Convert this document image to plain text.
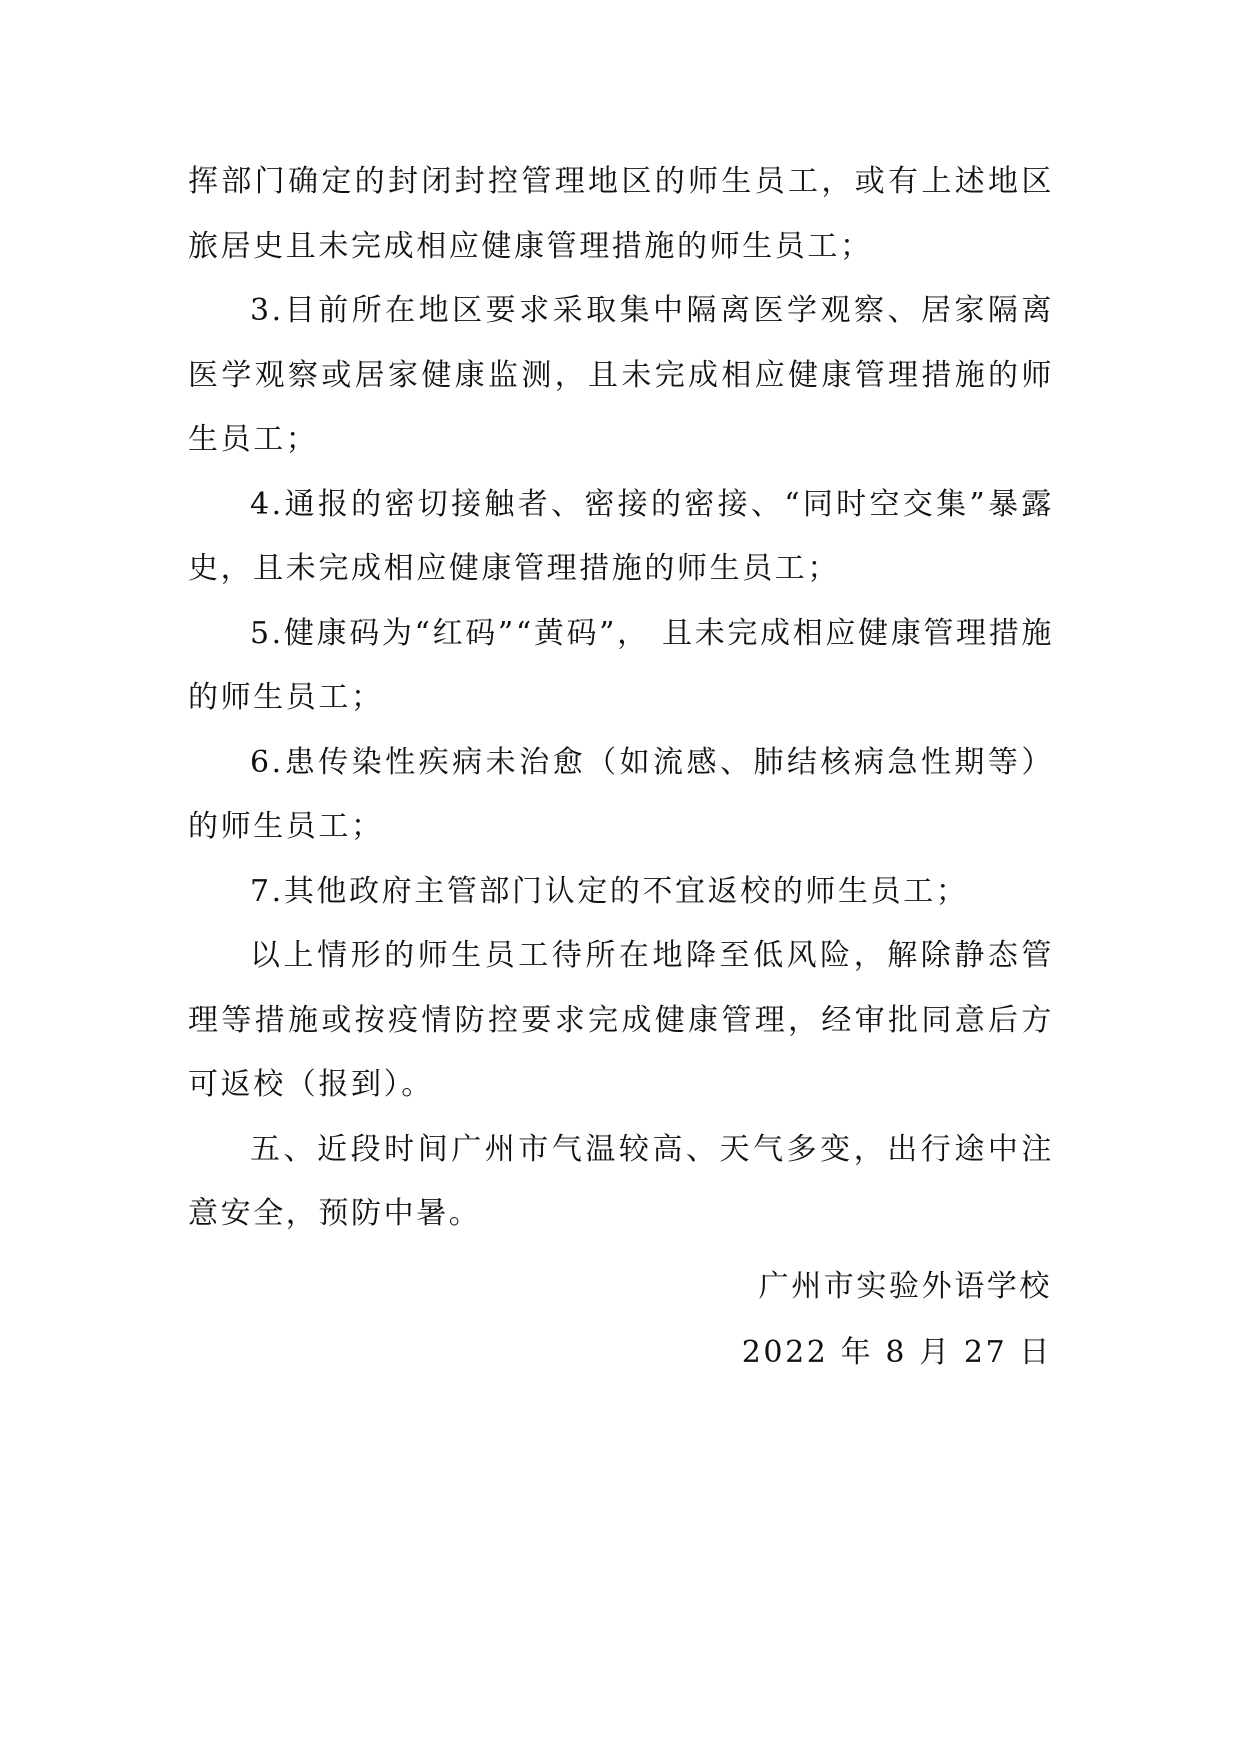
挥部门确定的封闭封控管理地区的师生员工，或有上述地区旅居史且未完成相应健康管理措施的师生员工；

3.目前所在地区要求采取集中隔离医学观察、居家隔离医学观察或居家健康监测，且未完成相应健康管理措施的师生员工；

4.通报的密切接触者、密接的密接、“同时空交集”暴露史，且未完成相应健康管理措施的师生员工；

5.健康码为“红码”“黄码”， 且未完成相应健康管理措施的师生员工；

6.患传染性疾病未治愈（如流感、肺结核病急性期等）的师生员工；

7.其他政府主管部门认定的不宜返校的师生员工；

以上情形的师生员工待所在地降至低风险，解除静态管理等措施或按疫情防控要求完成健康管理，经审批同意后方可返校（报到）。

五、近段时间广州市气温较高、天气多变，出行途中注意安全，预防中暑。

广州市实验外语学校
2022 年 8 月 27 日
